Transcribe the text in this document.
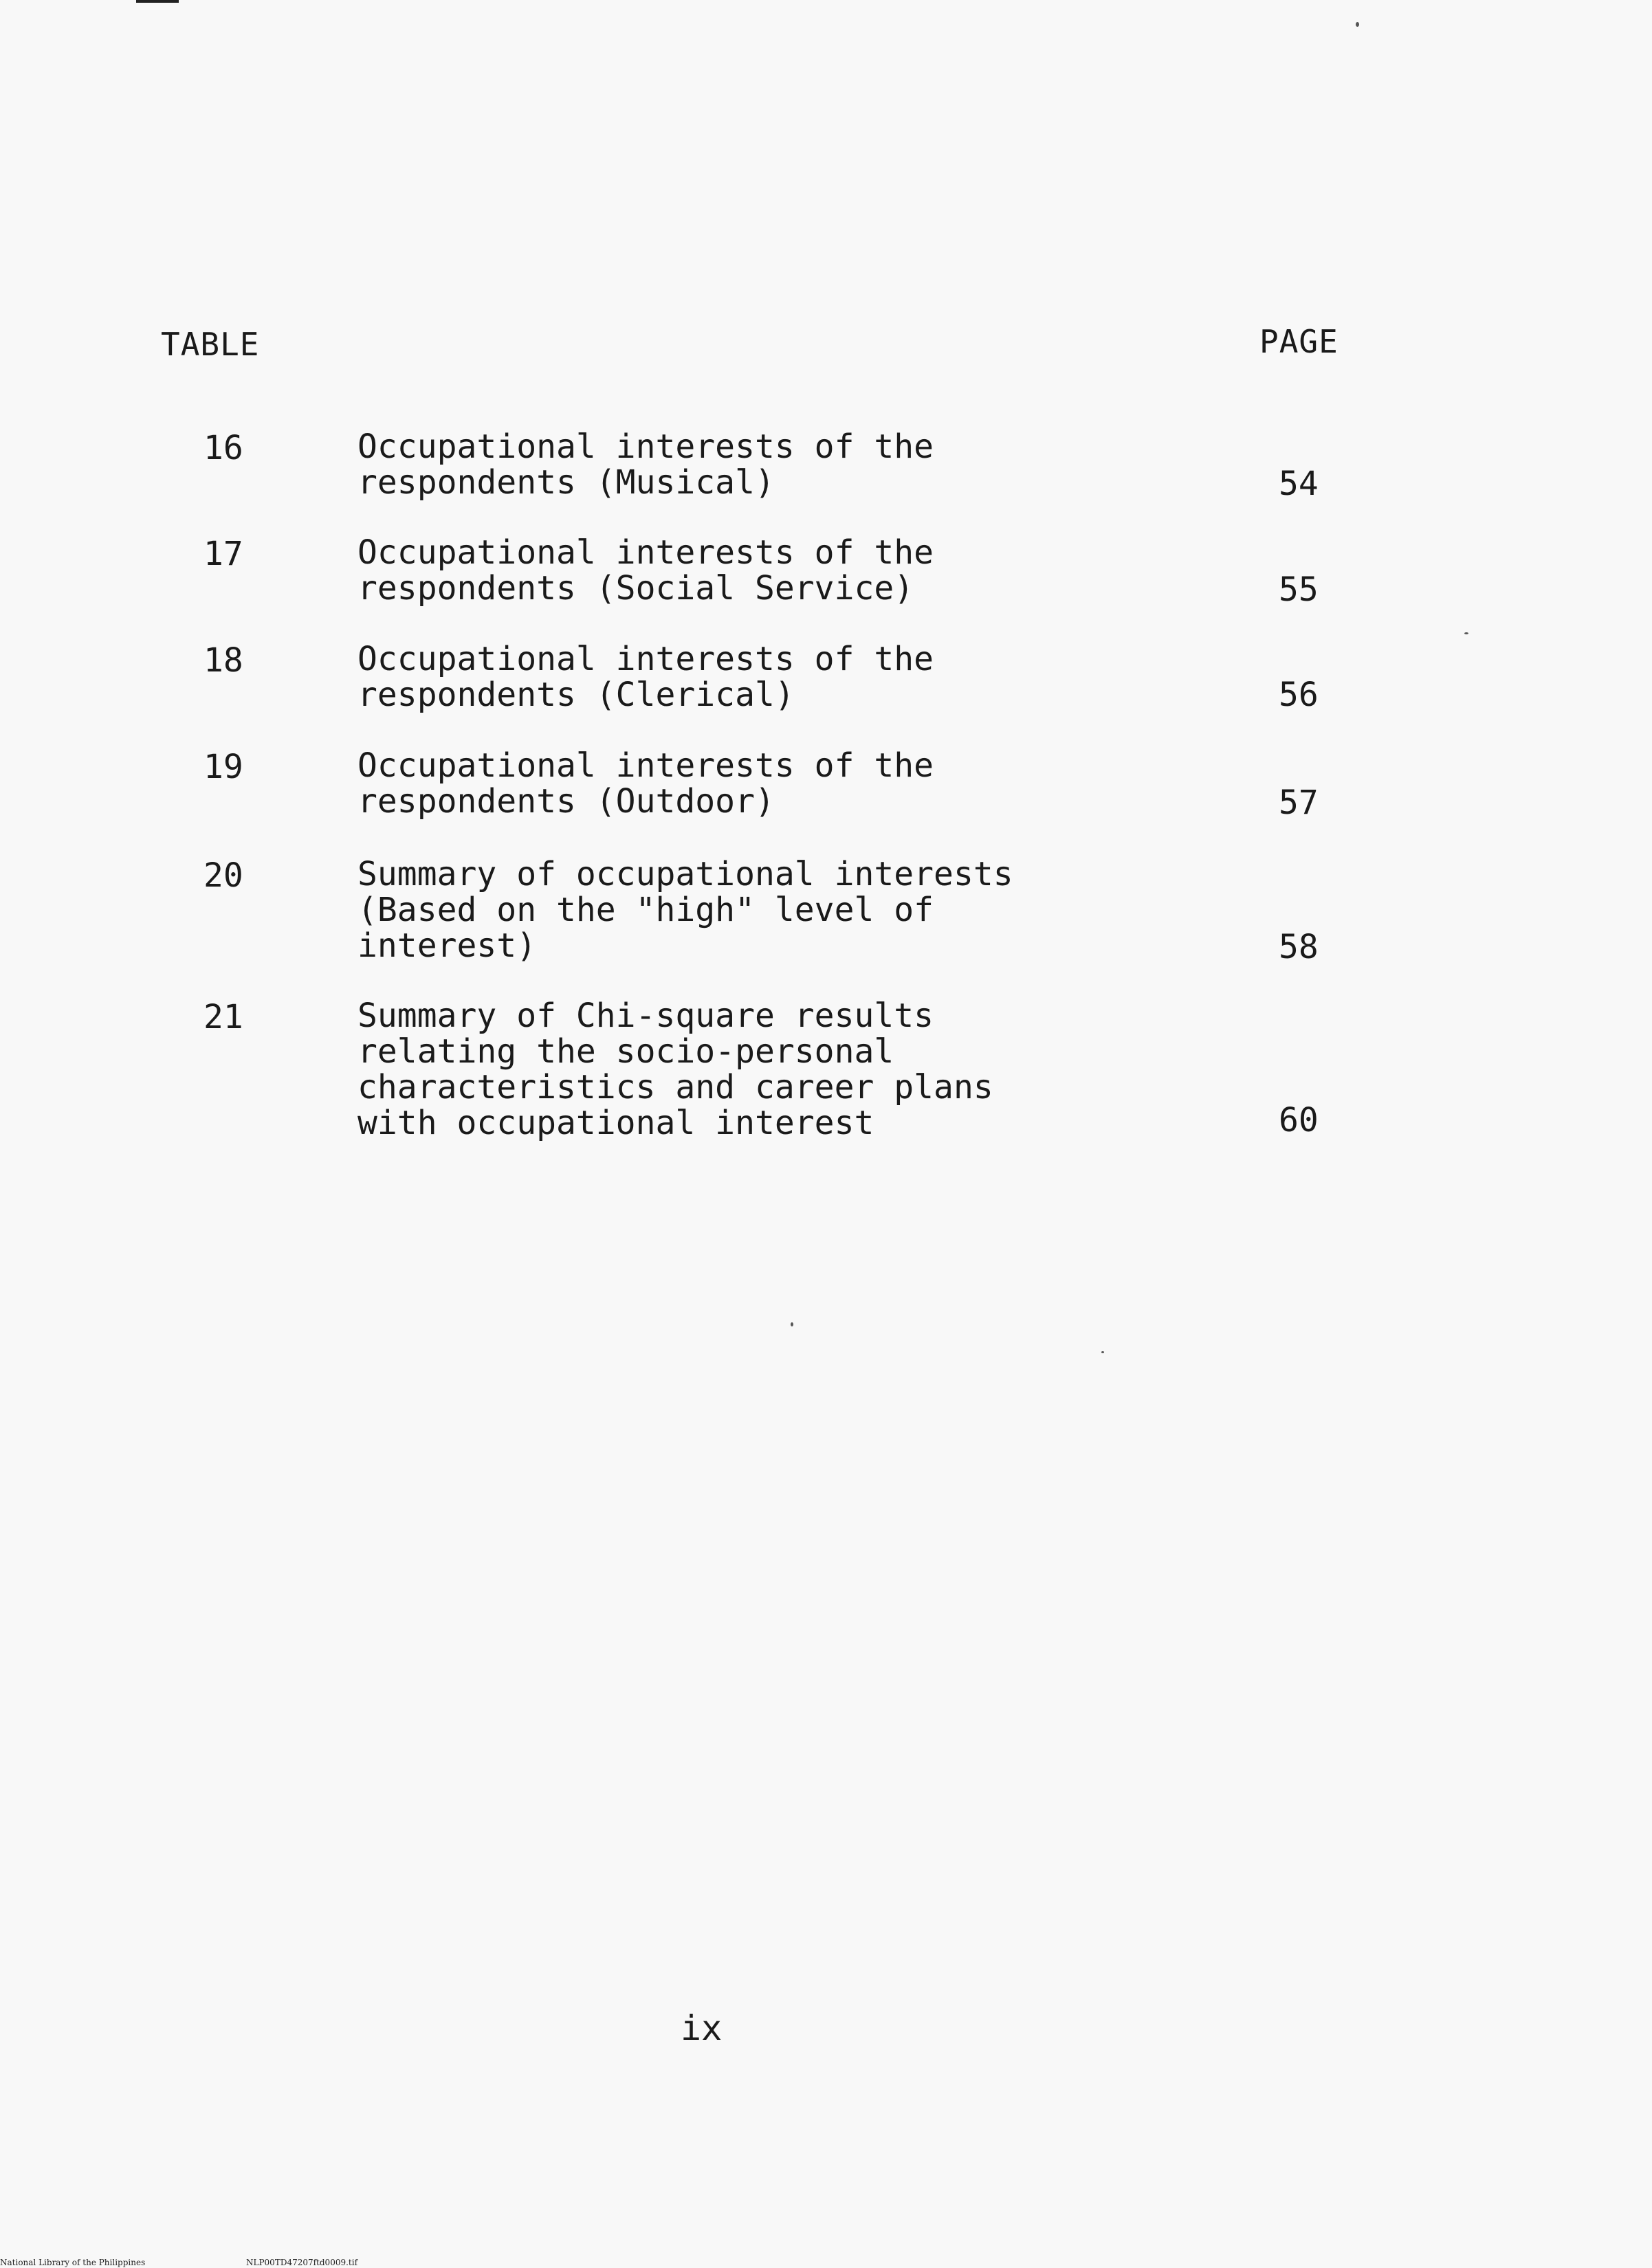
TABLE	PAGE
16	Occupational interests of the
respondents (Musical)	54
17	Occupational interests of the
respondents (Social Service)	55
18	Occupational interests of the
respondents (Clerical)	56
19	Occupational interests of the
respondents (Outdoor)	57
20	Summary of occupational interests
(Based on the "high" level of
interest)	58
21	Summary of Chi-square results
relating the socio-personal
characteristics and career plans
with occupational interest	60
ix
National Library of the Philippines	NLP00TD47207ftd0009.tif
